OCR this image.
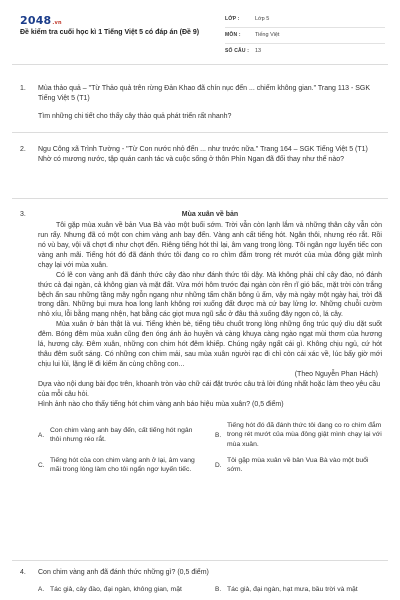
2048.vn
Đề kiểm tra cuối học kì 1 Tiếng Việt 5 có đáp án (Đề 9)
LỚP :	Lớp 5
MÔN :	Tiếng Việt
SỐ CÂU :	13
1. Mùa thảo quả – "Từ Thảo quả trên rừng Đản Khao đã chín nục đến ... chiếm không gian." Trang 113 - SGK Tiếng Việt 5 (T1)

Tìm những chi tiết cho thấy cây thảo quả phát triển rất nhanh?

2. Ngu Công xã Trình Tường - "Từ Con nước nhỏ đến ... như trước nữa." Trang 164 – SGK Tiếng Việt 5 (T1)

Nhờ có mương nước, tập quán canh tác và cuộc sống ở thôn Phìn Ngan đã đổi thay như thế nào?

3.	Mùa xuân về bản

Tôi gặp mùa xuân về bản Vua Bà vào một buổi sớm. Trời vẫn còn lạnh lắm và những thân cây vẫn còn run rẩy. Nhưng đã có một con chim vàng anh bay đến. Vàng anh cất tiếng hót. Ngân thôi, nhưng réo rắt. Rồi nó vù bay, vội vã chợt đi như chợt đến. Riêng tiếng hót thì lại, âm vang trong lòng. Tôi ngân ngơ luyến tiếc con vàng anh mãi. Tiếng hót đó đã đánh thức tôi đang co ro chìm đắm trong rét mướt của mùa đông giật mình chạy lại với mùa xuân.

Có lẽ con vàng anh đã đánh thức cây đào như đánh thức tôi dậy. Mà không phải chỉ cây đào, nó đánh thức cả đại ngàn, cả không gian và mặt đất. Vừa mới hôm trước đại ngàn còn rền rĩ gió bấc, mặt trời còn trắng bệch ẩn sau những tầng mây ngỗn ngang như những tấm chăn bông ủ ấm, vậy mà ngày một ngày hai, trời đã trong dần. Những bụi mưa hoa long lanh không rơi xuống đất được mà cứ bay lửng lơ. Những chuỗi cườm nhỏ xíu, lỗi bằng mạng nhện, hạt bằng các giọt mưa ngũ sắc ở đâu thả xuống đây ngọn cỏ, lá cây.

Mùa xuân ở bản thật là vui. Tiếng khèn bè, tiếng tiêu chuốt trong lòng những ống trúc quý dìu dặt suốt đêm. Bóng đêm mùa xuân cũng đen óng ánh ảo huyền và càng khuya càng ngào ngạt mùi thơm của hương lá, hương cây. Đêm xuân, những con chim hót đêm khiếp. Chúng ngây ngất cái gì. Không chịu ngủ, cứ hót thâu đêm suốt sáng. Có những con chim mải, sau mùa xuân người rạc đi chỉ còn cái xác về, lúc bấy giờ mới chịu lui lủi, lặng lẽ đi kiếm ăn cùng chồng con...

(Theo Nguyễn Phan Hách)

Dựa vào nội dung bài đọc trên, khoanh tròn vào chữ cái đặt trước câu trả lời đúng nhất hoặc làm theo yêu cầu của mỗi câu hỏi.

Hình ảnh nào cho thấy tiếng hót chim vàng anh báo hiệu mùa xuân? (0,5 điểm)

A.
Con chim vàng anh bay đến, cất tiếng hót ngân thôi nhưng réo rắt.
B.
Tiếng hót đó đã đánh thức tôi đang co ro chìm đắm trong rét mướt của mùa đông giật mình chạy lại với mùa xuân.
C.
Tiếng hót của con chim vàng anh ở lại, âm vang mãi trong lòng làm cho tôi ngẩn ngơ luyến tiếc.
D.
Tôi gặp mùa xuân về bản Vua Bà vào một buổi sớm.
4. Con chim vàng anh đã đánh thức những gì? (0,5 điểm)

A. Tác giả, cây đào, đại ngàn, không gian, mặt	B. Tác giả, đại ngàn, hạt mưa, bầu trời và mặt
